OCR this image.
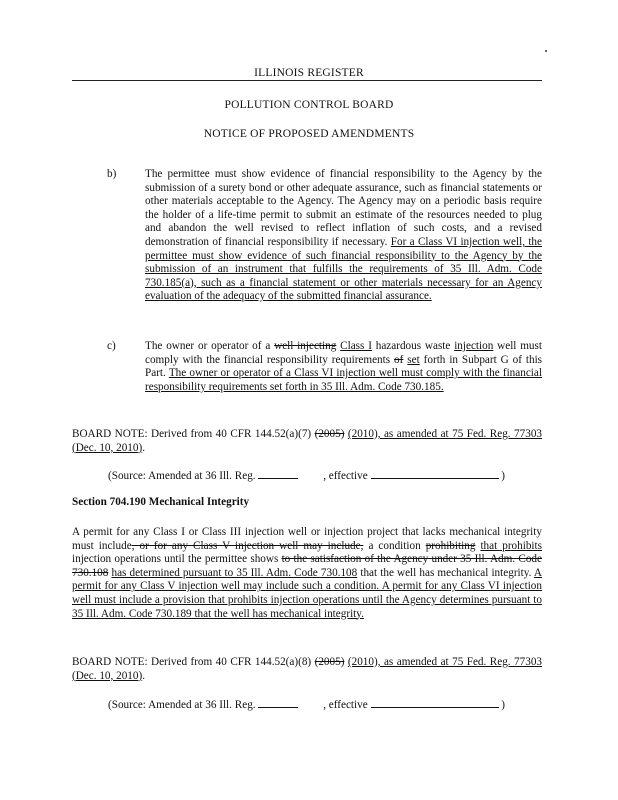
ILLINOIS REGISTER
POLLUTION CONTROL BOARD
NOTICE OF PROPOSED AMENDMENTS
b)	The permittee must show evidence of financial responsibility to the Agency by the submission of a surety bond or other adequate assurance, such as financial statements or other materials acceptable to the Agency. The Agency may on a periodic basis require the holder of a life-time permit to submit an estimate of the resources needed to plug and abandon the well revised to reflect inflation of such costs, and a revised demonstration of financial responsibility if necessary. For a Class VI injection well, the permittee must show evidence of such financial responsibility to the Agency by the submission of an instrument that fulfills the requirements of 35 Ill. Adm. Code 730.185(a), such as a financial statement or other materials necessary for an Agency evaluation of the adequacy of the submitted financial assurance.
c)	The owner or operator of a well injecting Class I hazardous waste injection well must comply with the financial responsibility requirements of set forth in Subpart G of this Part. The owner or operator of a Class VI injection well must comply with the financial responsibility requirements set forth in 35 Ill. Adm. Code 730.185.
BOARD NOTE: Derived from 40 CFR 144.52(a)(7) (2005) (2010), as amended at 75 Fed. Reg. 77303 (Dec. 10, 2010).
(Source: Amended at 36 Ill. Reg.	, effective	)
Section 704.190 Mechanical Integrity
A permit for any Class I or Class III injection well or injection project that lacks mechanical integrity must include, or for any Class V injection well may include, a condition prohibiting that prohibits injection operations until the permittee shows to the satisfaction of the Agency under 35 Ill. Adm. Code 730.108 has determined pursuant to 35 Ill. Adm. Code 730.108 that the well has mechanical integrity. A permit for any Class V injection well may include such a condition. A permit for any Class VI injection well must include a provision that prohibits injection operations until the Agency determines pursuant to 35 Ill. Adm. Code 730.189 that the well has mechanical integrity.
BOARD NOTE: Derived from 40 CFR 144.52(a)(8) (2005) (2010), as amended at 75 Fed. Reg. 77303 (Dec. 10, 2010).
(Source: Amended at 36 Ill. Reg.	, effective	)
